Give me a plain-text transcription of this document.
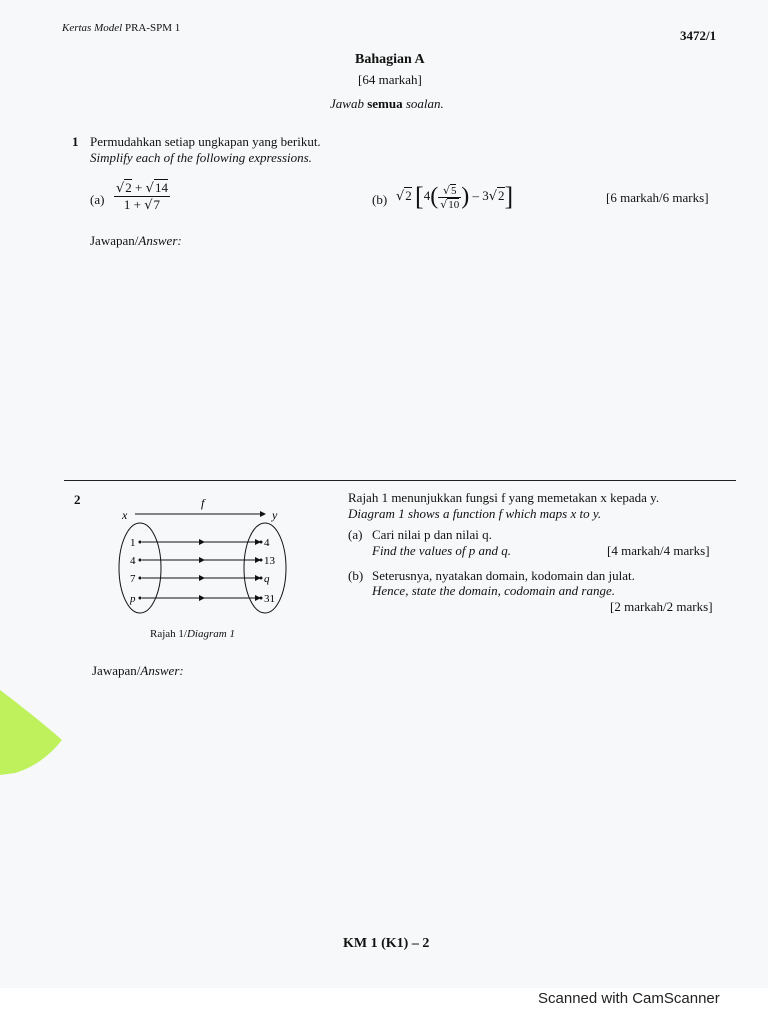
Kertas Model PRA-SPM 1	3472/1
Bahagian A
[64 markah]
Jawab semua soalan.
1 Permudahkan setiap ungkapan yang berikut.
Simplify each of the following expressions.
$(a) \frac{√2 + √14}{1 + √7}$	(b) √2 [$4( \frac{√5}{√10}$ ) – 3√2]	[6 markah/6 marks]
Jawapan/Answer:
2	f
x	y
1
4
7
p
4
13
q
31
Rajah 1/Diagram 1
Rajah 1 menunjukkan fungsi f yang memetakan x kepada y.
Diagram 1 shows a function f which maps x to y.
(a) Cari nilai p dan nilai q.
Find the values of p and q.	[4 markah/4 marks]
(b) Seterusnya, nyatakan domain, kodomain dan julat.
Hence, state the domain, codomain and range.
[2 markah/2 marks]
Jawapan/Answer:
KM 1 (K1) – 2
Scanned with CamScanner
